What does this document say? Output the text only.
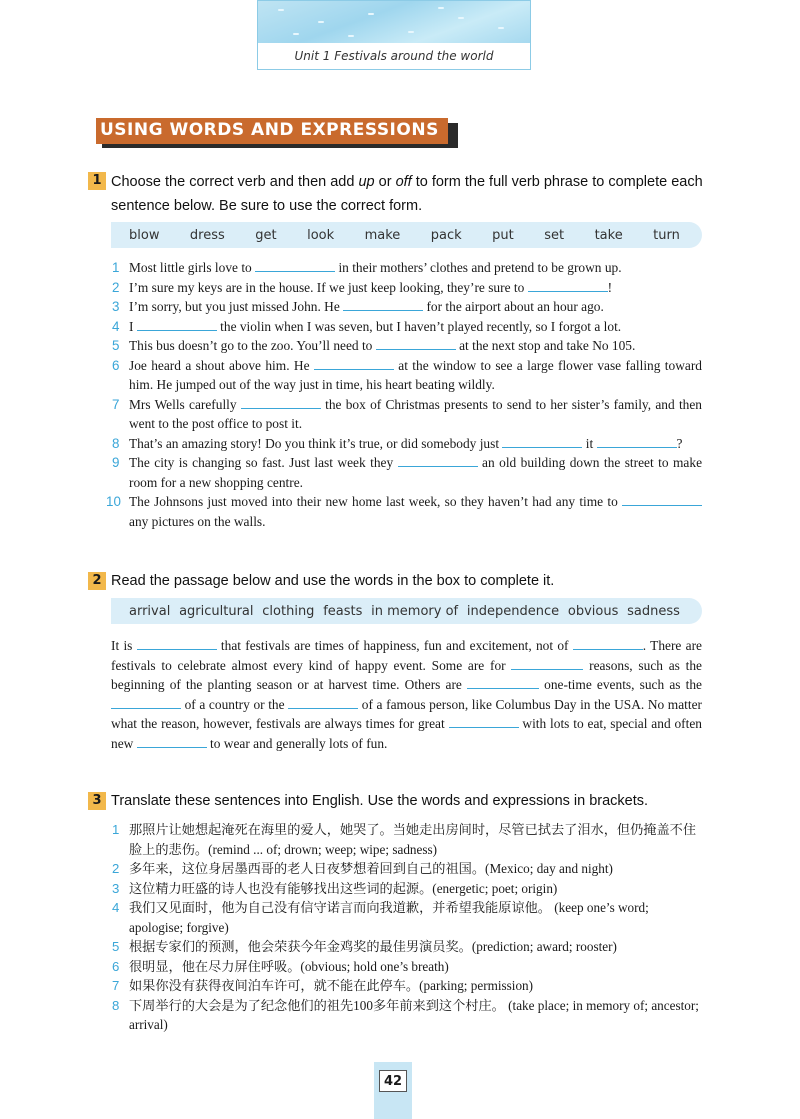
Unit 1 Festivals around the world
USING WORDS AND EXPRESSIONS
1 Choose the correct verb and then add up or off to form the full verb phrase to complete each sentence below. Be sure to use the correct form.
blow dress get look make pack put set take turn
1 Most little girls love to	in their mothers’ clothes and pretend to be grown up.
2 I’m sure my keys are in the house. If we just keep looking, they’re sure to	!
3 I’m sorry, but you just missed John. He	for the airport about an hour ago.
4 I	the violin when I was seven, but I haven’t played recently, so I forgot a lot.
5 This bus doesn’t go to the zoo. You’ll need to	at the next stop and take No 105.
6 Joe heard a shout above him. He	at the window to see a large flower vase falling toward him. He jumped out of the way just in time, his heart beating wildly.
7 Mrs Wells carefully	the box of Christmas presents to send to her sister’s family, and then went to the post office to post it.
8 That’s an amazing story! Do you think it’s true, or did somebody just	it	?
9 The city is changing so fast. Just last week they	an old building down the street to make room for a new shopping centre.
10 The Johnsons just moved into their new home last week, so they haven’t had any time to  any pictures on the walls.
2 Read the passage below and use the words in the box to complete it.
arrival agricultural clothing feasts in memory of independence obvious sadness

It is	that festivals are times of happiness, fun and excitement, not of	. There are festivals to celebrate almost every kind of happy event. Some are for	reasons, such as the beginning of the planting season or at harvest time. Others are	one-time events, such as the  of a country or the	of a famous person, like Columbus Day in the USA. No matter what the reason, however, festivals are always times for great	with lots to eat, special and often new	to wear and generally lots of fun.

3 Translate these sentences into English. Use the words and expressions in brackets.
1 那照片让她想起淹死在海里的爱人，她哭了。当她走出房间时，尽管已拭去了泪水，但仍掩盖不住脸上的悲伤。(remind ... of; drown; weep; wipe; sadness)
2 多年来，这位身居墨西哥的老人日夜梦想着回到自己的祖国。(Mexico; day and night)
3 这位精力旺盛的诗人也没有能够找出这些词的起源。(energetic; poet; origin)
4 我们又见面时，他为自己没有信守诺言而向我道歉，并希望我能原谅他。 (keep one’s word; apologise; forgive)
5 根据专家们的预测，他会荣获今年金鸡奖的最佳男演员奖。(prediction; award; rooster)
6 很明显，他在尽力屏住呼吸。(obvious; hold one’s breath)
7 如果你没有获得夜间泊车许可，就不能在此停车。(parking; permission)
8 下周举行的大会是为了纪念他们的祖先100多年前来到这个村庄。 (take place; in memory of; ancestor; arrival)
42
